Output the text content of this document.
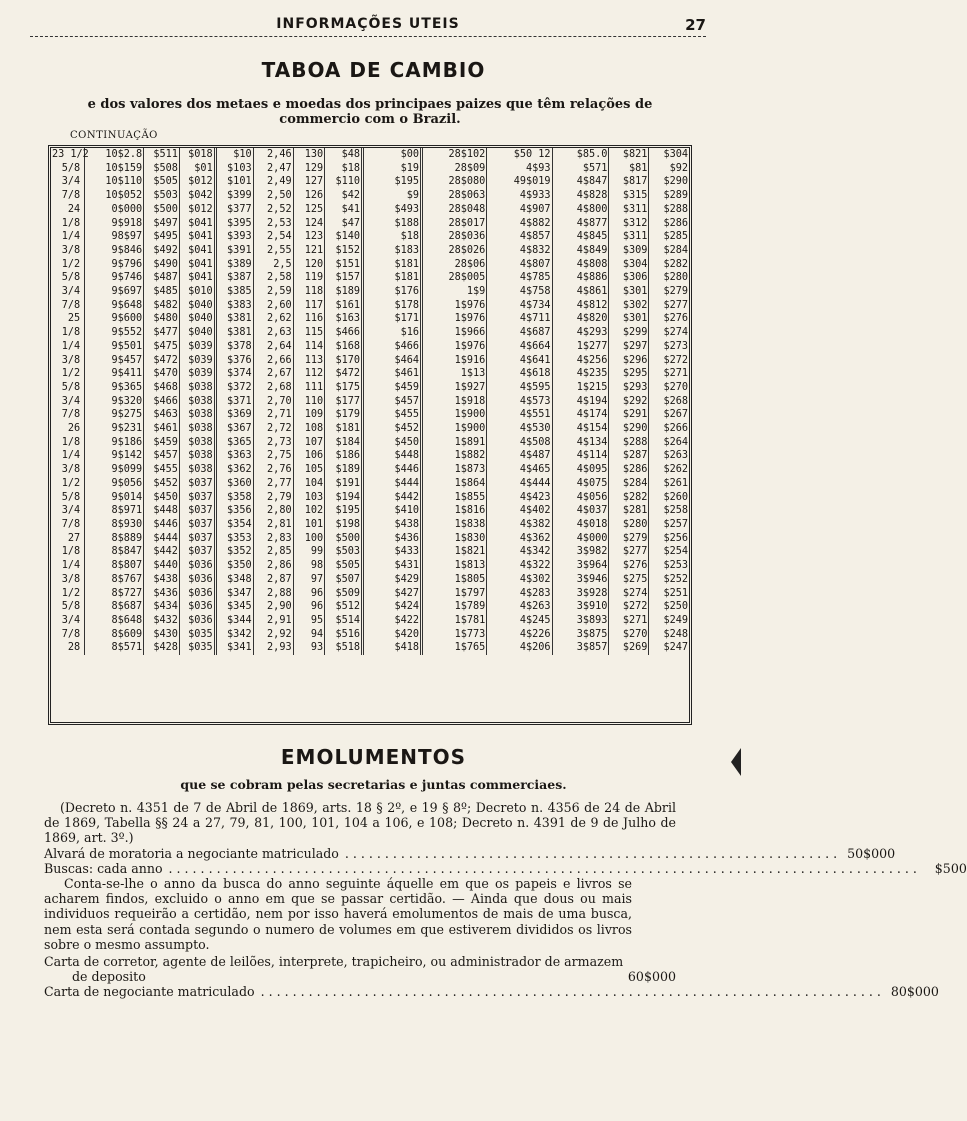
INFORMAÇÕES UTEIS	27
TABOA DE CAMBIO
e dos valores dos metaes e moedas dos principaes paizes que têm relações de commercio com o Brazil.
CONTINUAÇÃO
23 1/2	10$2.8	$511	$018	$10	2,46	130	$48	$00	28$102	$50 12	$85.0	$821	$304
5/8	10$159	$508	$01	$103	2,47	129	$18	$19	28$09	4$93	$571	$81	$92
3/4	10$110	$505	$012	$101	2,49	127	$110	$195	28$080	49$019	4$847	$817	$290
7/8	10$052	$503	$042	$399	2,50	126	$42	$9	28$063	4$933	4$828	$315	$289
24	0$000	$500	$012	$377	2,52	125	$41	$493	28$048	4$907	4$800	$311	$288
1/8	9$918	$497	$041	$395	2,53	124	$47	$188	28$017	4$882	4$877	$312	$286
1/4	98$97	$495	$041	$393	2,54	123	$140	$18	28$036	4$857	4$845	$311	$285
3/8	9$846	$492	$041	$391	2,55	121	$152	$183	28$026	4$832	4$849	$309	$284
1/2	9$796	$490	$041	$389	2,5	120	$151	$181	28$06	4$807	4$808	$304	$282
5/8	9$746	$487	$041	$387	2,58	119	$157	$181	28$005	4$785	4$886	$306	$280
3/4	9$697	$485	$010	$385	2,59	118	$189	$176	1$9	4$758	4$861	$301	$279
7/8	9$648	$482	$040	$383	2,60	117	$161	$178	1$976	4$734	4$812	$302	$277
25	9$600	$480	$040	$381	2,62	116	$163	$171	1$976	4$711	4$820	$301	$276
1/8	9$552	$477	$040	$381	2,63	115	$466	$16	1$966	4$687	4$293	$299	$274
1/4	9$501	$475	$039	$378	2,64	114	$168	$466	1$976	4$664	1$277	$297	$273
3/8	9$457	$472	$039	$376	2,66	113	$170	$464	1$916	4$641	4$256	$296	$272
1/2	9$411	$470	$039	$374	2,67	112	$472	$461	1$13	4$618	4$235	$295	$271
5/8	9$365	$468	$038	$372	2,68	111	$175	$459	1$927	4$595	1$215	$293	$270
3/4	9$320	$466	$038	$371	2,70	110	$177	$457	1$918	4$573	4$194	$292	$268
7/8	9$275	$463	$038	$369	2,71	109	$179	$455	1$900	4$551	4$174	$291	$267
26	9$231	$461	$038	$367	2,72	108	$181	$452	1$900	4$530	4$154	$290	$266
1/8	9$186	$459	$038	$365	2,73	107	$184	$450	1$891	4$508	4$134	$288	$264
1/4	9$142	$457	$038	$363	2,75	106	$186	$448	1$882	4$487	4$114	$287	$263
3/8	9$099	$455	$038	$362	2,76	105	$189	$446	1$873	4$465	4$095	$286	$262
1/2	9$056	$452	$037	$360	2,77	104	$191	$444	1$864	4$444	4$075	$284	$261
5/8	9$014	$450	$037	$358	2,79	103	$194	$442	1$855	4$423	4$056	$282	$260
3/4	8$971	$448	$037	$356	2,80	102	$195	$410	1$816	4$402	4$037	$281	$258
7/8	8$930	$446	$037	$354	2,81	101	$198	$438	1$838	4$382	4$018	$280	$257
27	8$889	$444	$037	$353	2,83	100	$500	$436	1$830	4$362	4$000	$279	$256
1/8	8$847	$442	$037	$352	2,85	99	$503	$433	1$821	4$342	3$982	$277	$254
1/4	8$807	$440	$036	$350	2,86	98	$505	$431	1$813	4$322	3$964	$276	$253
3/8	8$767	$438	$036	$348	2,87	97	$507	$429	1$805	4$302	3$946	$275	$252
1/2	8$727	$436	$036	$347	2,88	96	$509	$427	1$797	4$283	3$928	$274	$251
5/8	8$687	$434	$036	$345	2,90	96	$512	$424	1$789	4$263	3$910	$272	$250
3/4	8$648	$432	$036	$344	2,91	95	$514	$422	1$781	4$245	3$893	$271	$249
7/8	8$609	$430	$035	$342	2,92	94	$516	$420	1$773	4$226	3$875	$270	$248
28	8$571	$428	$035	$341	2,93	93	$518	$418	1$765	4$206	3$857	$269	$247
EMOLUMENTOS
que se cobram pelas secretarias e juntas commerciaes.

(Decreto n. 4351 de 7 de Abril de 1869, arts. 18 § 2º, e 19 § 8º; Decreto n. 4356 de 24 de Abril de 1869, Tabella §§ 24 a 27, 79, 81, 100, 101, 104 a 106, e 108; Decreto n. 4391 de 9 de Julho de 1869, art. 3º.)

Alvará de moratoria a negociante matriculado .............................................................. 50$000
Buscas: cada anno ..............................................................................................	$500

Conta-se-lhe o anno da busca do anno seguinte áquelle em que os papeis e livros se acharem findos, excluido o anno em que se passar certidão. — Ainda que dous ou mais individuos requeirão a certidão, nem por isso haverá emolumentos de mais de uma busca, nem esta será contada segundo o numero de volumes em que estiverem divididos os livros sobre o mesmo assumpto.

Carta de corretor, agente de leilões, interprete, trapicheiro, ou administrador de armazem de deposito	60$000
Carta de negociante matriculado .............................................................................. 80$000
